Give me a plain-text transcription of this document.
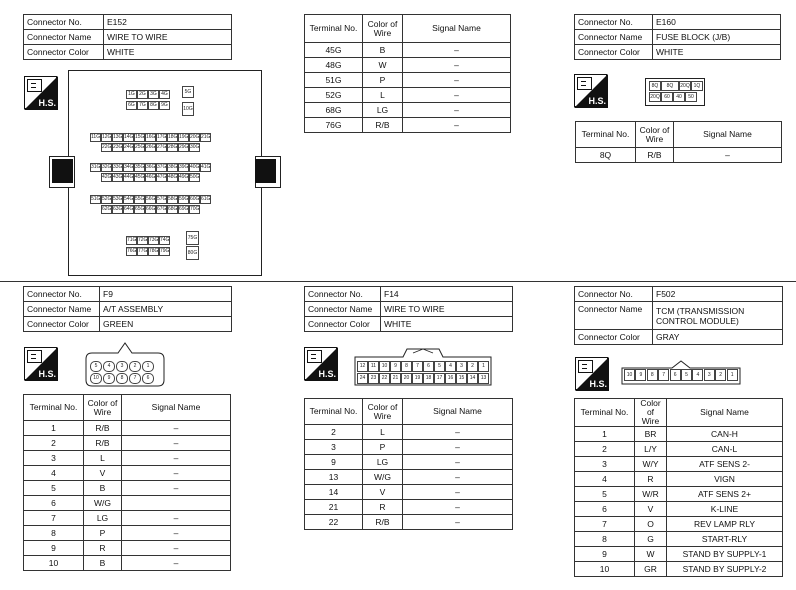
Connector No.	E152
Connector Name	WIRE TO WIRE
Connector Color	WHITE
H.S.
1G 2G 3G 4G
6G 7G 8G 9G
11G 12G 13G 14G 15G 16G 17G 18G 19G 20G 21G
22G 23G 24G 25G 26G 27G 28G 29G 30G
31G 32G 33G 34G 35G 36G 37G 38G 39G 40G 41G
42G 43G 44G 45G 46G 47G 48G 49G 50G
51G 52G 53G 54G 55G 56G 57G 58G 59G 60G 61G
62G 63G 64G 65G 66G 67G 68G 69G 70G
71G 72G 73G 74G
76G 77G 78G 79G
5G
10G
75G
80G
Terminal No.	Color of Wire	Signal Name
45G	B	–
48G	W	–
51G	P	–
52G	L	–
68G	LG	–
76G	R/B	–
Connector No.	E160
Connector Name	FUSE BLOCK (J/B)
Connector Color	WHITE
H.S.
8Q	20Q 1Q
8Q
20Q 60	40	50
Terminal No.	Color of Wire	Signal Name
8Q	R/B	–
Connector No.	F9
Connector Name	A/T ASSEMBLY
Connector Color	GREEN
H.S.
5	4	3	2	1
10	9	8	7	6
Terminal No.	Color of Wire	Signal Name
1	R/B	–
2	R/B	–
3	L	–
4	V	–
5	B	–
6	W/G	
7	LG	–
8	P	–
9	R	–
10	B	–
Connector No.	F14
Connector Name	WIRE TO WIRE
Connector Color	WHITE
H.S.
12	11	10	9	8	7	6	5	4	3	2	1
24	23	22	21	20	19	18	17	16	15	14	13
Terminal No.	Color of Wire	Signal Name
2	L	–
3	P	–
9	LG	–
13	W/G	–
14	V	–
21	R	–
22	R/B	–
Connector No.	F502
Connector Name	TCM (TRANSMISSION CONTROL MODULE)
Connector Color	GRAY
H.S.
10	9	8	7	6	5	4	3	2	1
Terminal No.	Color of Wire	Signal Name
1	BR	CAN-H
2	L/Y	CAN-L
3	W/Y	ATF SENS 2-
4	R	VIGN
5	W/R	ATF SENS 2+
6	V	K-LINE
7	O	REV LAMP RLY
8	G	START-RLY
9	W	STAND BY SUPPLY-1
10	GR	STAND BY SUPPLY-2
